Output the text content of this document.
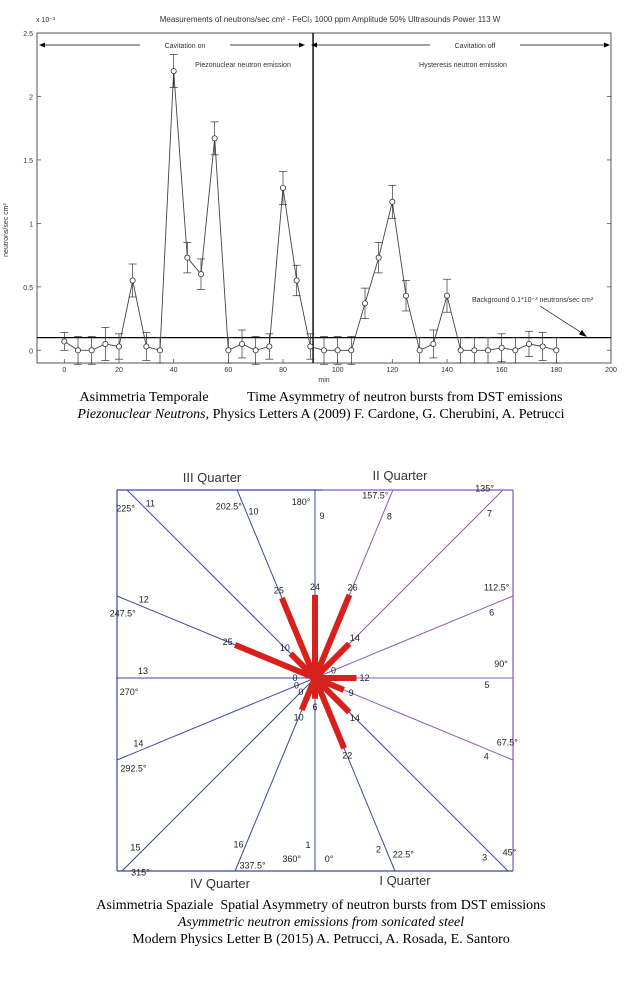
Measurements of neutrons/sec cm² - FeCl₃ 1000 ppm Amplitude 50% Ultrasounds Power 113 W
x 10⁻³
0	20	40	60	80	100	120	140	160	180	200
0
0.5
1
1.5
2
2.5
neutrons/sec cm²
min
Cavitation on	Cavitation off
Piezonuclear neutron emission	Hysteresis neutron emission
Background 0.1*10⁻³ neutrons/sec cm²
Asimmetria Temporale	Time Asymmetry of neutron bursts from DST emissions
Piezonuclear Neutrons, Physics Letters A (2009) F. Cardone, G. Cherubini, A. Petrucci
6
1
0°
22
2 22.5°
14
3 45°
9
4
67.5°
12
5
90°
0
6
112.5°
14
7
135°
26
8
157.5°
24
9
180°
25
10
202.5°
10
11
225°
25
12
247.5°
0
13
270°
0
14
292.5°
0
15
315°
10
16
337.5°
360°
III Quarter	II Quarter
IV Quarter	I Quarter
Asimmetria Spaziale Spatial Asymmetry of neutron bursts from DST emissions
Asymmetric neutron emissions from sonicated steel
Modern Physics Letter B (2015) A. Petrucci, A. Rosada, E. Santoro
